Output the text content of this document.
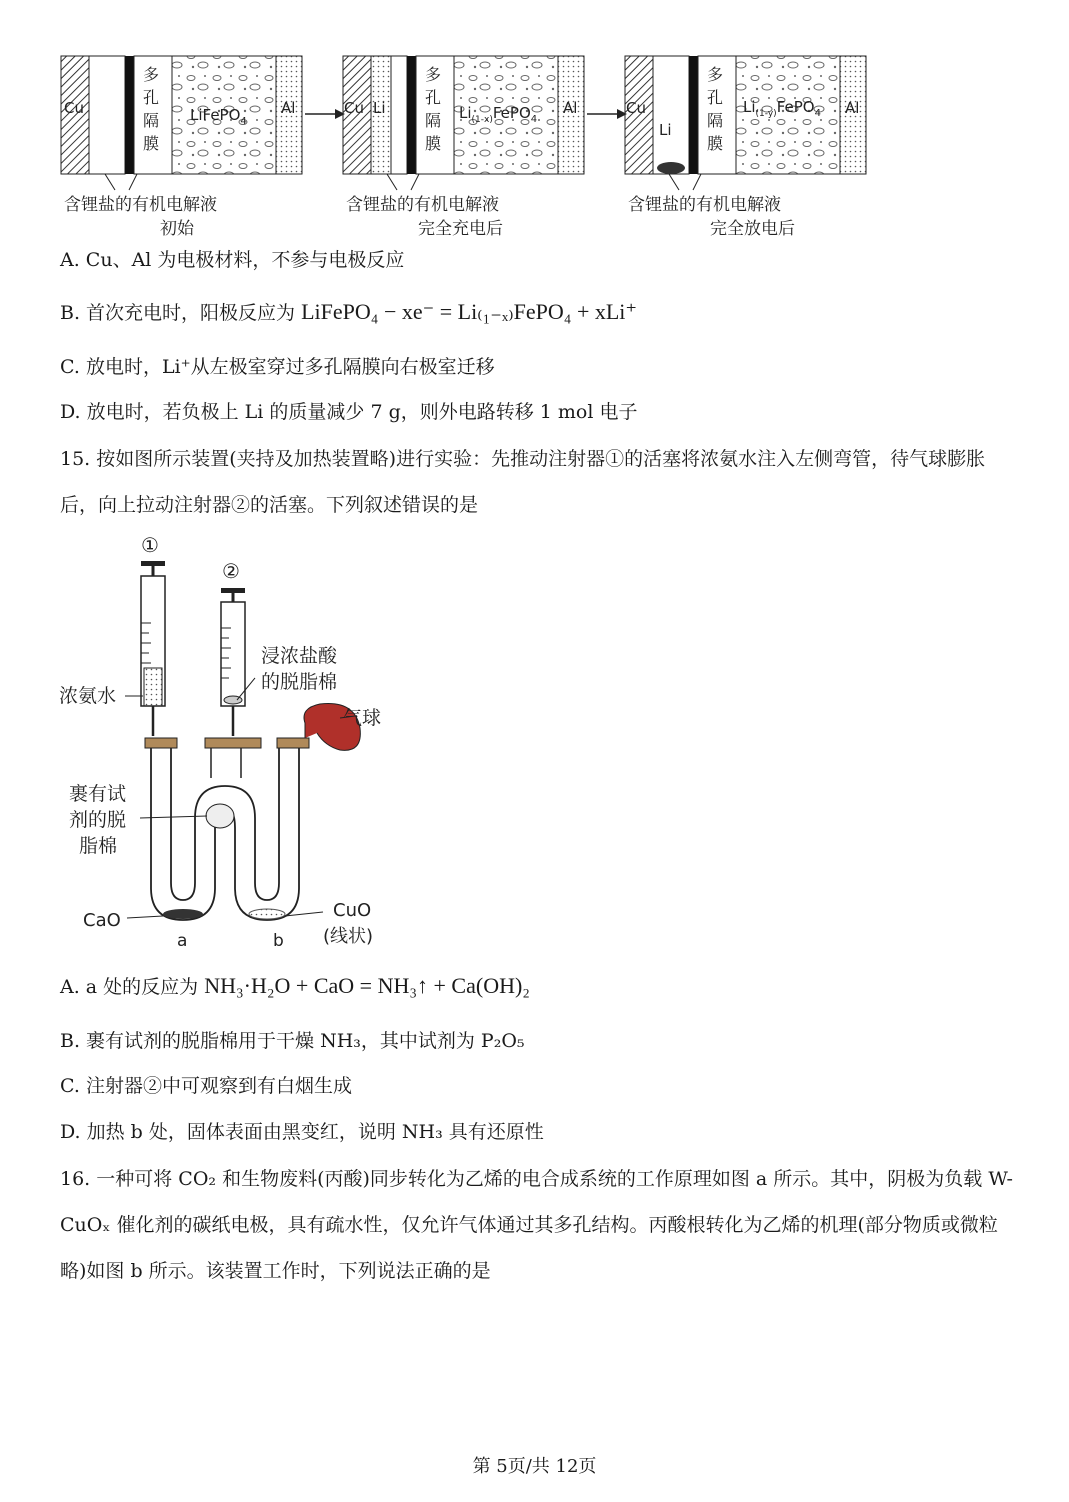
Cu
多
孔
隔
膜
LiFePO$_4$
Al	Cu Li
多
孔
隔
膜
$Li_{(1-x)}FePO_4$
Al	Cu
Li
多
孔
隔
膜
$Li_{(1-y)}FePO_4$ Al
含锂盐的有机电解液
初始
含锂盐的有机电解液
完全充电后
含锂盐的有机电解液
完全放电后
A. Cu、Al 为电极材料，不参与电极反应
B. 首次充电时，阳极反应为 LiFePO₄ − xe⁻ = Li₍₁₋ₓ₎FePO₄ + xLi⁺
C. 放电时，Li⁺从左极室穿过多孔隔膜向右极室迁移
D. 放电时，若负极上 Li 的质量减少 7 g，则外电路转移 1 mol 电子
15. 按如图所示装置(夹持及加热装置略)进行实验：先推动注射器①的活塞将浓氨水注入左侧弯管，待气球膨胀后，向上拉动注射器②的活塞。下列叙述错误的是
①
②
浓氨水
浸浓盐酸
的脱脂棉
气球
裹有试
剂的脱
脂棉
CaO
a	b
CuO
(线状)
A. a 处的反应为 NH₃·H₂O + CaO = NH₃↑ + Ca(OH)₂
B. 裹有试剂的脱脂棉用于干燥 NH₃，其中试剂为 P₂O₅
C. 注射器②中可观察到有白烟生成
D. 加热 b 处，固体表面由黑变红，说明 NH₃ 具有还原性
16. 一种可将 CO₂ 和生物废料(丙酸)同步转化为乙烯的电合成系统的工作原理如图 a 所示。其中，阴极为负载 W-CuOₓ 催化剂的碳纸电极，具有疏水性，仅允许气体通过其多孔结构。丙酸根转化为乙烯的机理(部分物质或微粒略)如图 b 所示。该装置工作时，下列说法正确的是
第 5页/共 12页
